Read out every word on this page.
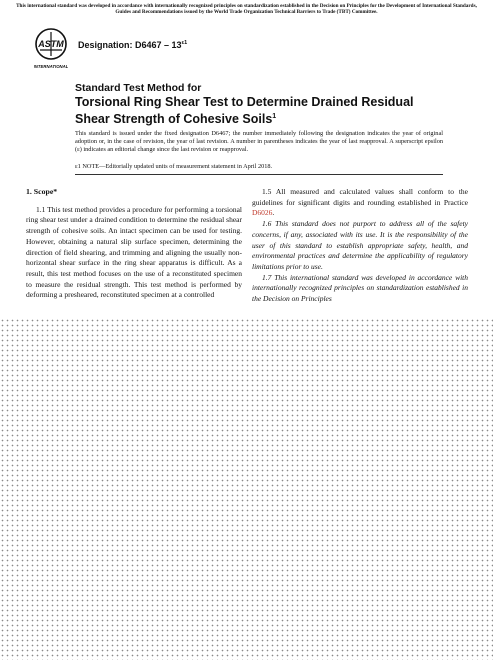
This international standard was developed in accordance with internationally recognized principles on standardization established in the Decision on Principles for the Development of International Standards, Guides and Recommendations issued by the World Trade Organization Technical Barriers to Trade (TBT) Committee.
ASTM
INTERNATIONAL
Designation: $D6467 - 13^{\varepsilon 1}$
Standard Test Method for
Torsional Ring Shear Test to Determine Drained Residual
Shear Strength of Cohesive Soils$^1$
This standard is issued under the fixed designation D6467; the number immediately following the designation indicates the year of original adoption or, in the case of revision, the year of last revision. A number in parentheses indicates the year of last reapproval. A superscript epsilon (ε) indicates an editorial change since the last revision or reapproval.
ε1 NOTE—Editorially updated units of measurement statement in April 2018.
1. Scope*

1.1 This test method provides a procedure for performing a torsional ring shear test under a drained condition to determine the residual shear strength of cohesive soils. An intact specimen can be used for testing. However, obtaining a natural slip surface specimen, determining the direction of field shearing, and trimming and aligning the usually non-horizontal shear surface in the ring shear apparatus is difficult. As a result, this test method focuses on the use of a reconstituted specimen to measure the residual strength. This test method is performed by deforming a presheared, reconstituted specimen at a controlled

1.5 All measured and calculated values shall conform to the guidelines for significant digits and rounding established in Practice D6026.

1.6 This standard does not purport to address all of the safety concerns, if any, associated with its use. It is the responsibility of the user of this standard to establish appropriate safety, health, and environmental practices and determine the applicability of regulatory limitations prior to use.

1.7 This international standard was developed in accordance with internationally recognized principles on standardization established in the Decision on Principles
